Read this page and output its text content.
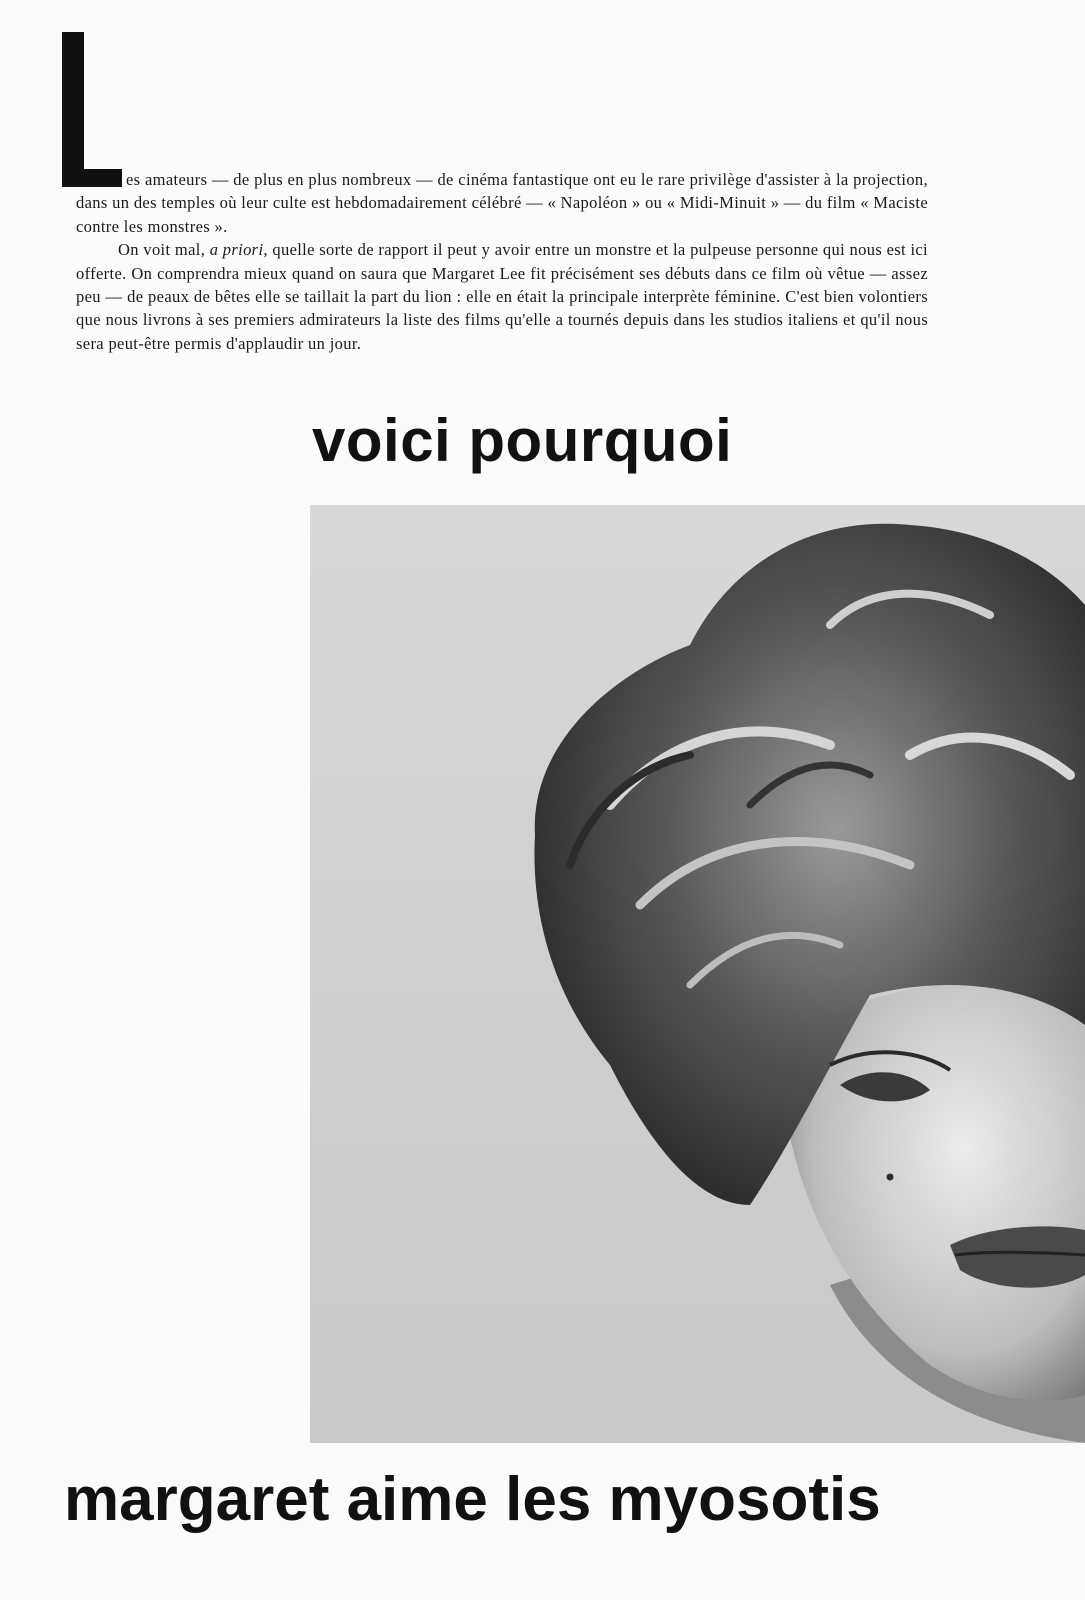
es amateurs — de plus en plus nombreux — de cinéma fantastique ont eu le rare privilège d'assister à la projection, dans un des temples où leur culte est hebdomadairement célébré — « Napoléon » ou « Midi-Minuit » — du film « Maciste contre les monstres ».

On voit mal, a priori, quelle sorte de rapport il peut y avoir entre un monstre et la pulpeuse personne qui nous est ici offerte. On comprendra mieux quand on saura que Margaret Lee fit précisément ses débuts dans ce film où vêtue — assez peu — de peaux de bêtes elle se taillait la part du lion : elle en était la principale interprète féminine. C'est bien volontiers que nous livrons à ses premiers admirateurs la liste des films qu'elle a tournés depuis dans les studios italiens et qu'il nous sera peut-être permis d'applaudir un jour.

voici pourquoi
margaret aime les myosotis
